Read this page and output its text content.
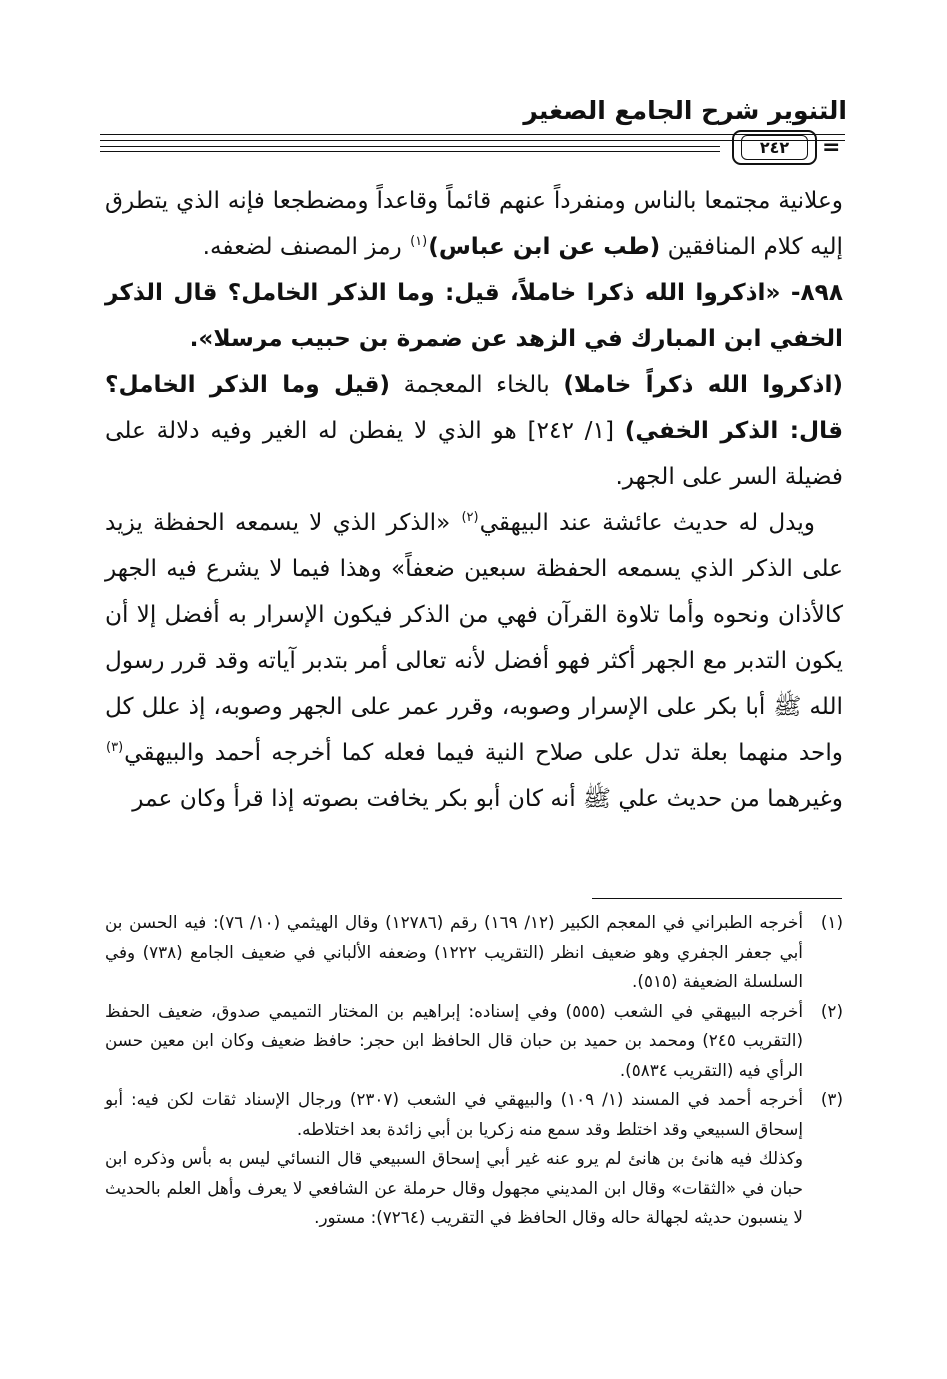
التنوير شرح الجامع الصغير
٢٤٢	=

وعلانية مجتمعا بالناس ومنفرداً عنهم قائماً وقاعداً ومضطجعا فإنه الذي يتطرق إليه كلام المنافقين (طب عن ابن عباس)$^{(١)}$ رمز المصنف لضعفه.

٨٩٨- «اذكروا الله ذكرا خاملاً، قيل: وما الذكر الخامل؟ قال الذكر الخفي ابن المبارك في الزهد عن ضمرة بن حبيب مرسلا».

(اذكروا الله ذكراً خاملا) بالخاء المعجمة (قيل وما الذكر الخامل؟ قال: الذكر الخفي) [١/ ٢٤٢] هو الذي لا يفطن له الغير وفيه دلالة على فضيلة السر على الجهر.

ويدل له حديث عائشة عند البيهقي$^{(٢)}$ «الذكر الذي لا يسمعه الحفظة يزيد على الذكر الذي يسمعه الحفظة سبعين ضعفاً» وهذا فيما لا يشرع فيه الجهر كالأذان ونحوه وأما تلاوة القرآن فهي من الذكر فيكون الإسرار به أفضل إلا أن يكون التدبر مع الجهر أكثر فهو أفضل لأنه تعالى أمر بتدبر آياته وقد قرر رسول الله ﷺ أبا بكر على الإسرار وصوبه، وقرر عمر على الجهر وصوبه، إذ علل كل واحد منهما بعلة تدل على صلاح النية فيما فعله كما أخرجه أحمد والبيهقي$^{(٣)}$ وغيرهما من حديث علي ﷺ أنه كان أبو بكر يخافت بصوته إذا قرأ وكان عمر

(١)

أخرجه الطبراني في المعجم الكبير (١٢/ ١٦٩) رقم (١٢٧٨٦) وقال الهيثمي (١٠/ ٧٦): فيه الحسن بن أبي جعفر الجفري وهو ضعيف انظر (التقريب ١٢٢٢) وضعفه الألباني في ضعيف الجامع (٧٣٨) وفي السلسلة الضعيفة (٥١٥).

(٢)

أخرجه البيهقي في الشعب (٥٥٥) وفي إسناده: إبراهيم بن المختار التميمي صدوق، ضعيف الحفظ (التقريب ٢٤٥) ومحمد بن حميد بن حبان قال الحافظ ابن حجر: حافظ ضعيف وكان ابن معين حسن الرأي فيه (التقريب ٥٨٣٤).

(٣)

أخرجه أحمد في المسند (١/ ١٠٩) والبيهقي في الشعب (٢٣٠٧) ورجال الإسناد ثقات لكن فيه: أبو إسحاق السبيعي وقد اختلط وقد سمع منه زكريا بن أبي زائدة بعد اختلاطه.

وكذلك فيه هانئ بن هانئ لم يرو عنه غير أبي إسحاق السبيعي قال النسائي ليس به بأس وذكره ابن حبان في «الثقات» وقال ابن المديني مجهول وقال حرملة عن الشافعي لا يعرف وأهل العلم بالحديث لا ينسبون حديثه لجهالة حاله وقال الحافظ في التقريب (٧٢٦٤): مستور.
